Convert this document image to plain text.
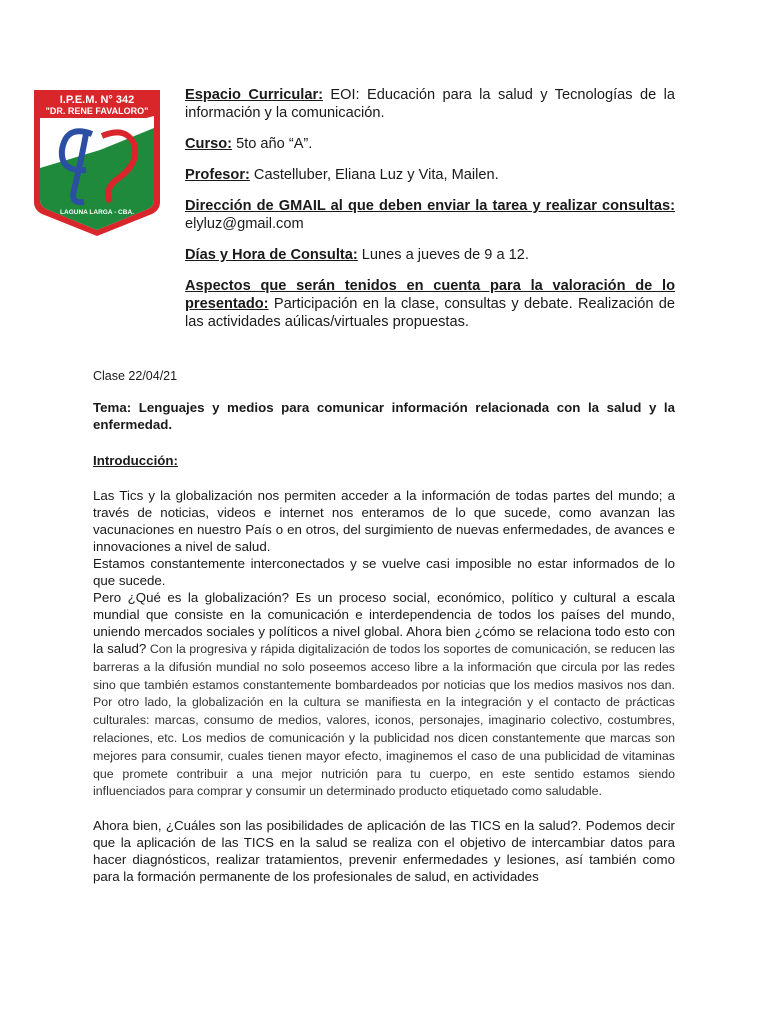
I.P.E.M. N° 342
"DR. RENE FAVALORO"
LAGUNA LARGA - CBA.

Espacio Curricular: EOI: Educación para la salud y Tecnologías de la información y la comunicación.

Curso: 5to año “A”.

Profesor: Castelluber, Eliana Luz y Vita, Mailen.

Dirección de GMAIL al que deben enviar la tarea y realizar consultas: elyluz@gmail.com

Días y Hora de Consulta: Lunes a jueves de 9 a 12.

Aspectos que serán tenidos en cuenta para la valoración de lo presentado: Participación en la clase, consultas y debate. Realización de las actividades aúlicas/virtuales propuestas.

Clase 22/04/21

Tema: Lenguajes y medios para comunicar información relacionada con la salud y la enfermedad.

Introducción:

Las Tics y la globalización nos permiten acceder a la información de todas partes del mundo; a través de noticias, videos e internet nos enteramos de lo que sucede, como avanzan las vacunaciones en nuestro País o en otros, del surgimiento de nuevas enfermedades, de avances e innovaciones a nivel de salud.

Estamos constantemente interconectados y se vuelve casi imposible no estar informados de lo que sucede.

Pero ¿Qué es la globalización? Es un proceso social, económico, político y cultural a escala mundial que consiste en la comunicación e interdependencia de todos los países del mundo, uniendo mercados sociales y políticos a nivel global. Ahora bien ¿cómo se relaciona todo esto con la salud? Con la progresiva y rápida digitalización de todos los soportes de comunicación, se reducen las barreras a la difusión mundial no solo poseemos acceso libre a la información que circula por las redes sino que también estamos constantemente bombardeados por noticias que los medios masivos nos dan. Por otro lado, la globalización en la cultura se manifiesta en la integración y el contacto de prácticas culturales: marcas, consumo de medios, valores, iconos, personajes, imaginario colectivo, costumbres, relaciones, etc. Los medios de comunicación y la publicidad nos dicen constantemente que marcas son mejores para consumir, cuales tienen mayor efecto, imaginemos el caso de una publicidad de vitaminas que promete contribuir a una mejor nutrición para tu cuerpo, en este sentido estamos siendo influenciados para comprar y consumir un determinado producto etiquetado como saludable.

Ahora bien, ¿Cuáles son las posibilidades de aplicación de las TICS en la salud?. Podemos decir que la aplicación de las TICS en la salud se realiza con el objetivo de intercambiar datos para hacer diagnósticos, realizar tratamientos, prevenir enfermedades y lesiones, así también como para la formación permanente de los profesionales de salud, en actividades
